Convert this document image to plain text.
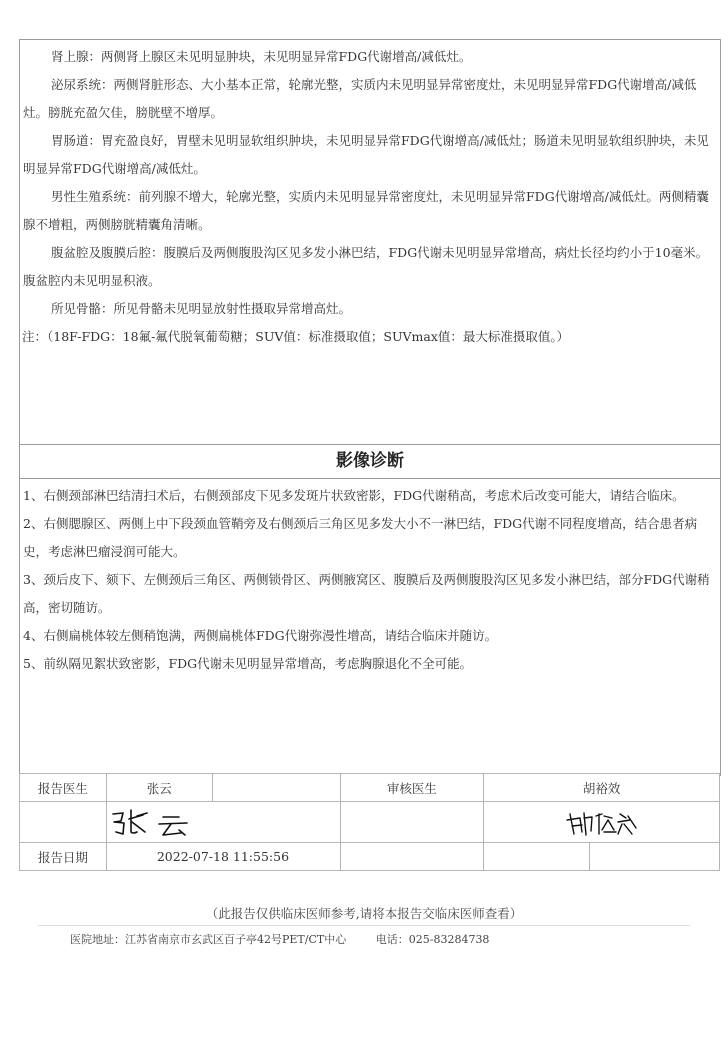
肾上腺：两侧肾上腺区未见明显肿块，未见明显异常FDG代谢增高/减低灶。

泌尿系统：两侧肾脏形态、大小基本正常，轮廓光整，实质内未见明显异常密度灶，未见明显异常FDG代谢增高/减低灶。膀胱充盈欠佳，膀胱壁不增厚。

胃肠道：胃充盈良好，胃壁未见明显软组织肿块，未见明显异常FDG代谢增高/减低灶；肠道未见明显软组织肿块，未见明显异常FDG代谢增高/减低灶。

男性生殖系统：前列腺不增大，轮廓光整，实质内未见明显异常密度灶，未见明显异常FDG代谢增高/减低灶。两侧精囊腺不增粗，两侧膀胱精囊角清晰。

腹盆腔及腹膜后腔：腹膜后及两侧腹股沟区见多发小淋巴结，FDG代谢未见明显异常增高，病灶长径均约小于10毫米。腹盆腔内未见明显积液。

所见骨骼：所见骨骼未见明显放射性摄取异常增高灶。

注：（18F-FDG：18氟-氟代脱氧葡萄糖；SUV值：标准摄取值；SUVmax值：最大标准摄取值。）

影像诊断

1、右侧颈部淋巴结清扫术后，右侧颈部皮下见多发斑片状致密影，FDG代谢稍高，考虑术后改变可能大，请结合临床。

2、右侧腮腺区、两侧上中下段颈血管鞘旁及右侧颈后三角区见多发大小不一淋巴结，FDG代谢不同程度增高，结合患者病史，考虑淋巴瘤浸润可能大。

3、颈后皮下、颏下、左侧颈后三角区、两侧锁骨区、两侧腋窝区、腹膜后及两侧腹股沟区见多发小淋巴结，部分FDG代谢稍高，密切随访。

4、右侧扁桃体较左侧稍饱满，两侧扁桃体FDG代谢弥漫性增高，请结合临床并随访。

5、前纵隔见絮状致密影，FDG代谢未见明显异常增高，考虑胸腺退化不全可能。

报告医生	张云		审核医生	胡裕效	

报告日期	2022-07-18 11:55:56				
（此报告仅供临床医师参考,请将本报告交临床医师查看）
医院地址：江苏省南京市玄武区百子亭42号PET/CT中心	电话：025-83284738
